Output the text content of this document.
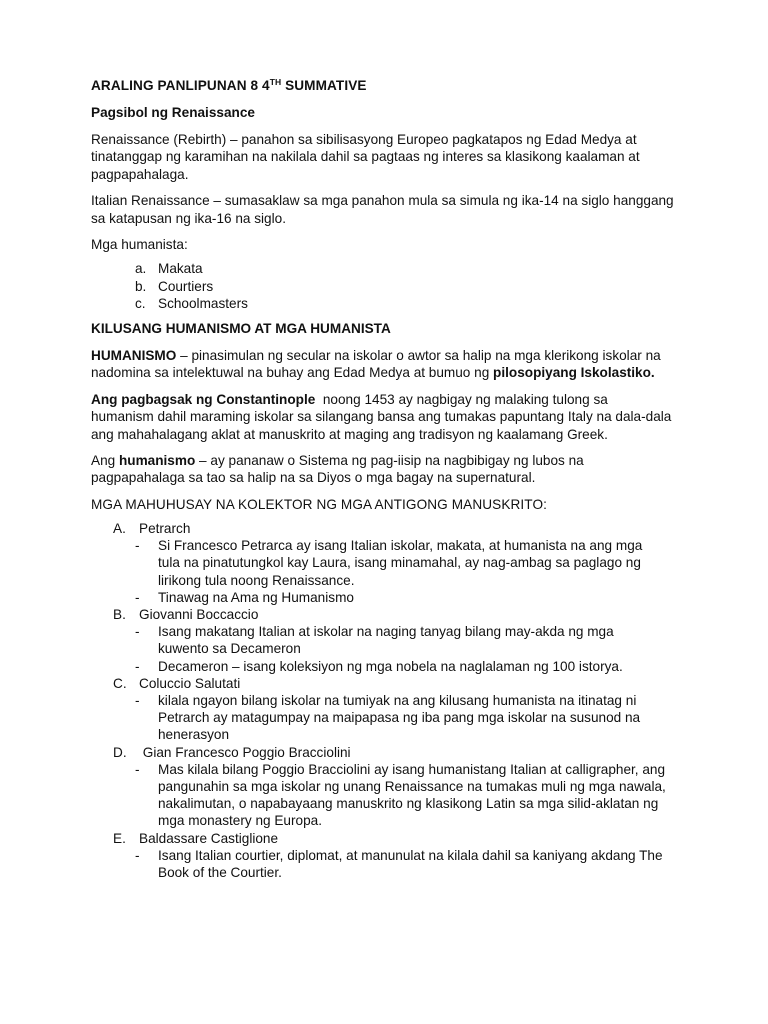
ARALING PANLIPUNAN 8 4TH SUMMATIVE
Pagsibol ng Renaissance

Renaissance (Rebirth) – panahon sa sibilisasyong Europeo pagkatapos ng Edad Medya at tinatanggap ng karamihan na nakilala dahil sa pagtaas ng interes sa klasikong kaalaman at pagpapahalaga.

Italian Renaissance – sumasaklaw sa mga panahon mula sa simula ng ika-14 na siglo hanggang sa katapusan ng ika-16 na siglo.

Mga humanista:

a. Makata
b. Courtiers
c. Schoolmasters
KILUSANG HUMANISMO AT MGA HUMANISTA

HUMANISMO – pinasimulan ng secular na iskolar o awtor sa halip na mga klerikong iskolar na nadomina sa intelektuwal na buhay ang Edad Medya at bumuo ng pilosopiyang Iskolastiko.

Ang pagbagsak ng Constantinople  noong 1453 ay nagbigay ng malaking tulong sa humanism dahil maraming iskolar sa silangang bansa ang tumakas papuntang Italy na dala-dala ang mahahalagang aklat at manuskrito at maging ang tradisyon ng kaalamang Greek.

Ang humanismo – ay pananaw o Sistema ng pag-iisip na nagbibigay ng lubos na pagpapahalaga sa tao sa halip na sa Diyos o mga bagay na supernatural.

MGA MAHUHUSAY NA KOLEKTOR NG MGA ANTIGONG MANUSKRITO:
A. Petrarch
- Si Francesco Petrarca ay isang Italian iskolar, makata, at humanista na ang mga tula na pinatutungkol kay Laura, isang minamahal, ay nag-ambag sa paglago ng lirikong tula noong Renaissance.
- Tinawag na Ama ng Humanismo
B. Giovanni Boccaccio
- Isang makatang Italian at iskolar na naging tanyag bilang may-akda ng mga kuwento sa Decameron
- Decameron – isang koleksiyon ng mga nobela na naglalaman ng 100 istorya.
C. Coluccio Salutati
- kilala ngayon bilang iskolar na tumiyak na ang kilusang humanista na itinatag ni Petrarch ay matagumpay na maipapasa ng iba pang mga iskolar na susunod na henerasyon
D. Gian Francesco Poggio Bracciolini
- Mas kilala bilang Poggio Bracciolini ay isang humanistang Italian at calligrapher, ang pangunahin sa mga iskolar ng unang Renaissance na tumakas muli ng mga nawala, nakalimutan, o napabayaang manuskrito ng klasikong Latin sa mga silid-aklatan ng mga monastery ng Europa.
E. Baldassare Castiglione
- Isang Italian courtier, diplomat, at manunulat na kilala dahil sa kaniyang akdang The Book of the Courtier.
